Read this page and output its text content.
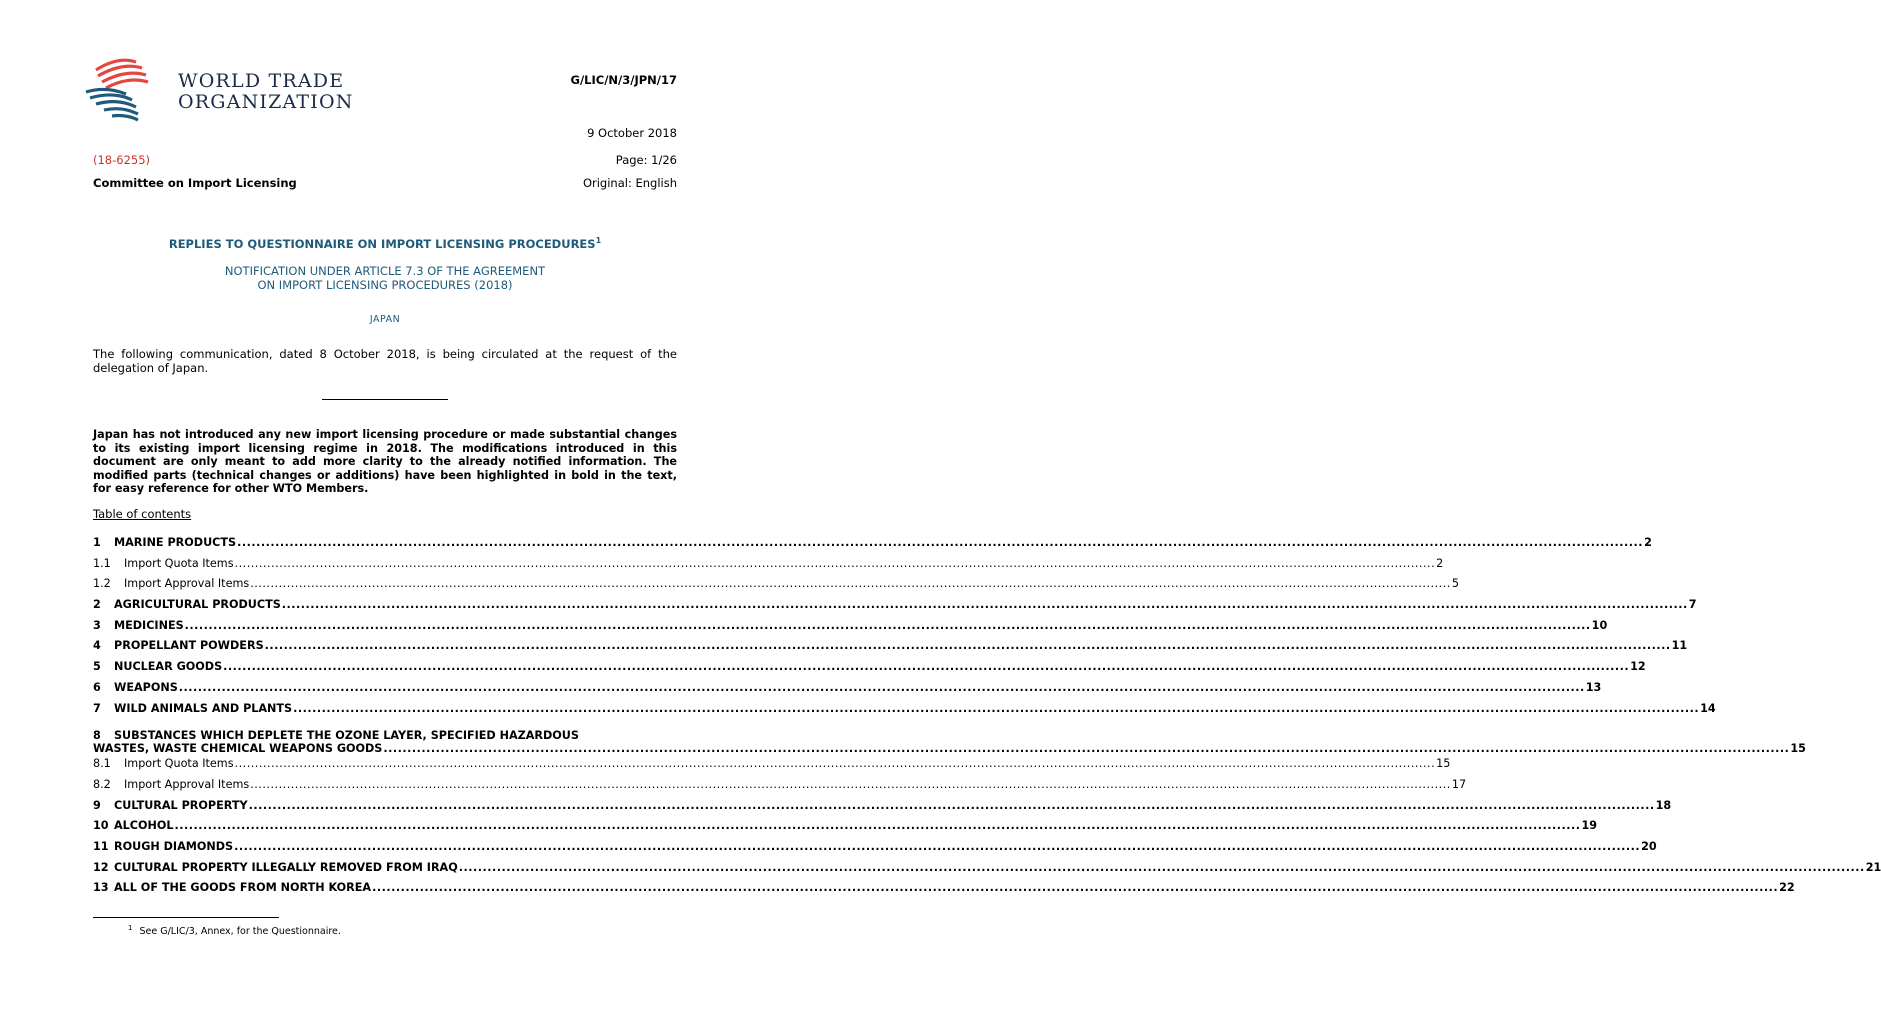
WORLD TRADE
ORGANIZATION
G/LIC/N/3/JPN/17
9 October 2018
(18-6255)	Page: 1/26
Committee on Import Licensing	Original: English
REPLIES TO QUESTIONNAIRE ON IMPORT LICENSING PROCEDURES$^1$
NOTIFICATION UNDER ARTICLE 7.3 OF THE AGREEMENT
ON IMPORT LICENSING PROCEDURES (2018)
JAPAN
The following communication, dated 8 October 2018, is being circulated at the request of the delegation of Japan.
Japan has not introduced any new import licensing procedure or made substantial changes to its existing import licensing regime in 2018. The modifications introduced in this document are only meant to add more clarity to the already notified information. The modified parts (technical changes or additions) have been highlighted in bold in the text, for easy reference for other WTO Members.
Table of contents
1	MARINE PRODUCTS .....	2
1.1	Import Quota Items .....	2
1.2	Import Approval Items .....	5
2	AGRICULTURAL PRODUCTS .....	7
3	MEDICINES .....	10
4	PROPELLANT POWDERS .....	11
5	NUCLEAR GOODS .....	12
6	WEAPONS .....	13
7	WILD ANIMALS AND PLANTS .....	14
8	SUBSTANCES WHICH DEPLETE THE OZONE LAYER, SPECIFIED HAZARDOUS
WASTES, WASTE CHEMICAL WEAPONS GOODS .....	15
8.1	Import Quota Items .....	15
8.2	Import Approval Items .....	17
9	CULTURAL PROPERTY .....	18
10 ALCOHOL .....	19
11 ROUGH DIAMONDS .....	20
12 CULTURAL PROPERTY ILLEGALLY REMOVED FROM IRAQ .....	21
13 ALL OF THE GOODS FROM NORTH KOREA .....	22
$^1$ See G/LIC/3, Annex, for the Questionnaire.
